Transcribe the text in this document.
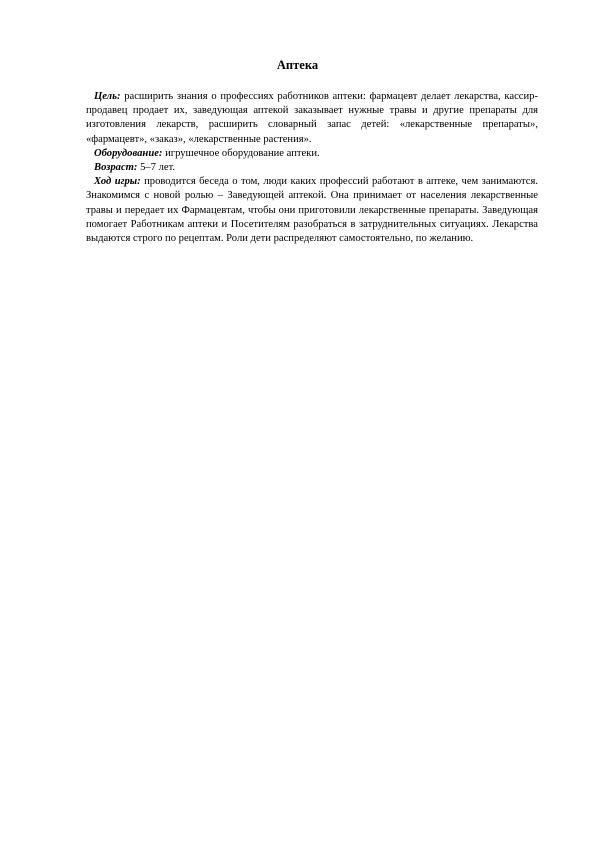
Аптека

Цель: расширить знания о профессиях работников аптеки: фармацевт делает лекарства, кассир-продавец продает их, заведующая аптекой заказывает нужные травы и другие препараты для изготовления лекарств, расширить словарный запас детей: «лекарственные препараты», «фармацевт», «заказ», «лекарственные растения».

Оборудование: игрушечное оборудование аптеки.

Возраст: 5–7 лет.

Ход игры: проводится беседа о том, люди каких профессий работают в аптеке, чем занимаются. Знакомимся с новой ролью – Заведующей аптекой. Она принимает от населения лекарственные травы и передает их Фармацевтам, чтобы они приготовили лекарственные препараты. Заведующая помогает Работникам аптеки и Посетителям разобраться в затруднительных ситуациях. Лекарства выдаются строго по рецептам. Роли дети распределяют самостоятельно, по желанию.
